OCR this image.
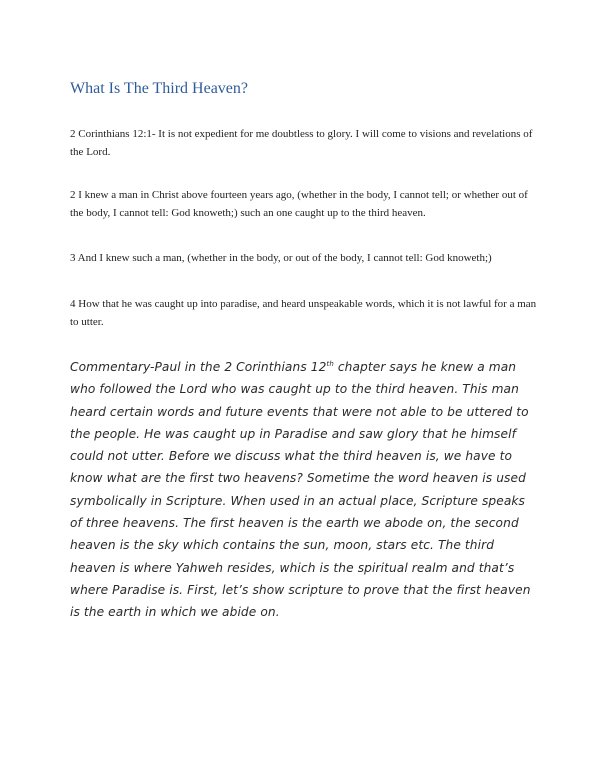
What Is The Third Heaven?

2 Corinthians 12:1- It is not expedient for me doubtless to glory. I will come to visions and revelations of the Lord.

2 I knew a man in Christ above fourteen years ago, (whether in the body, I cannot tell; or whether out of the body, I cannot tell: God knoweth;) such an one caught up to the third heaven.

3 And I knew such a man, (whether in the body, or out of the body, I cannot tell: God knoweth;)

4 How that he was caught up into paradise, and heard unspeakable words, which it is not lawful for a man to utter.

Commentary-Paul in the 2 Corinthians 12th chapter says he knew a man who followed the Lord who was caught up to the third heaven. This man heard certain words and future events that were not able to be uttered to the people. He was caught up in Paradise and saw glory that he himself could not utter. Before we discuss what the third heaven is, we have to know what are the first two heavens? Sometime the word heaven is used symbolically in Scripture. When used in an actual place, Scripture speaks of three heavens. The first heaven is the earth we abode on, the second heaven is the sky which contains the sun, moon, stars etc. The third heaven is where Yahweh resides, which is the spiritual realm and that’s where Paradise is. First, let’s show scripture to prove that the first heaven is the earth in which we abide on.
